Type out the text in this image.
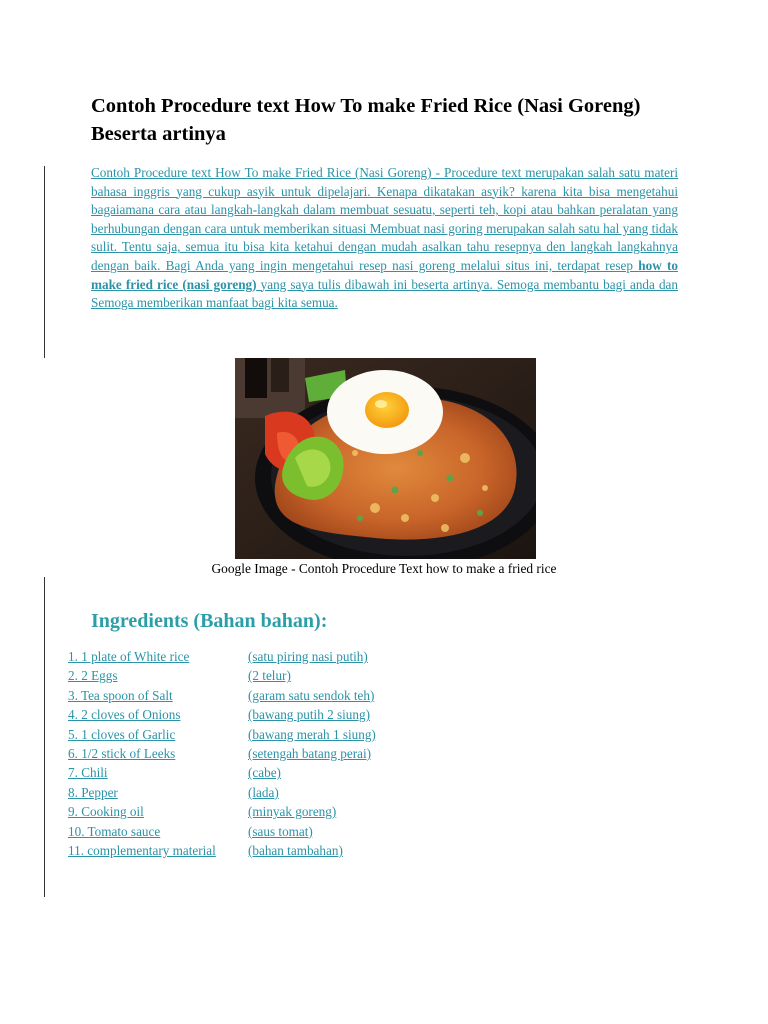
Contoh Procedure text How To make Fried Rice (Nasi Goreng) Beserta artinya

Contoh Procedure text How To make Fried Rice (Nasi Goreng) - Procedure text merupakan salah satu materi bahasa inggris yang cukup asyik untuk dipelajari. Kenapa dikatakan asyik? karena kita bisa mengetahui bagaiamana cara atau langkah-langkah dalam membuat sesuatu, seperti teh, kopi atau bahkan peralatan yang berhubungan dengan cara untuk memberikan situasi Membuat nasi goring merupakan salah satu hal yang tidak sulit. Tentu saja, semua itu bisa kita ketahui dengan mudah asalkan tahu resepnya den langkah langkahnya dengan baik. Bagi Anda yang ingin mengetahui resep nasi goreng melalui situs ini, terdapat resep how to make fried rice (nasi goreng) yang saya tulis dibawah ini beserta artinya. Semoga membantu bagi anda dan Semoga memberikan manfaat bagi kita semua.

Google Image - Contoh Procedure Text how to make a fried rice
Ingredients (Bahan bahan):
1. 1 plate of White rice	(satu piring nasi putih)
2. 2 Eggs	(2 telur)
3. Tea spoon of Salt	(garam satu sendok teh)
4. 2 cloves of Onions	(bawang putih 2 siung)
5. 1 cloves of Garlic	(bawang merah 1 siung)
6. 1/2 stick of Leeks	(setengah batang perai)
7. Chili	(cabe)
8. Pepper	(lada)
9. Cooking oil	(minyak goreng)
10. Tomato sauce	(saus tomat)
11. complementary material (bahan tambahan)
